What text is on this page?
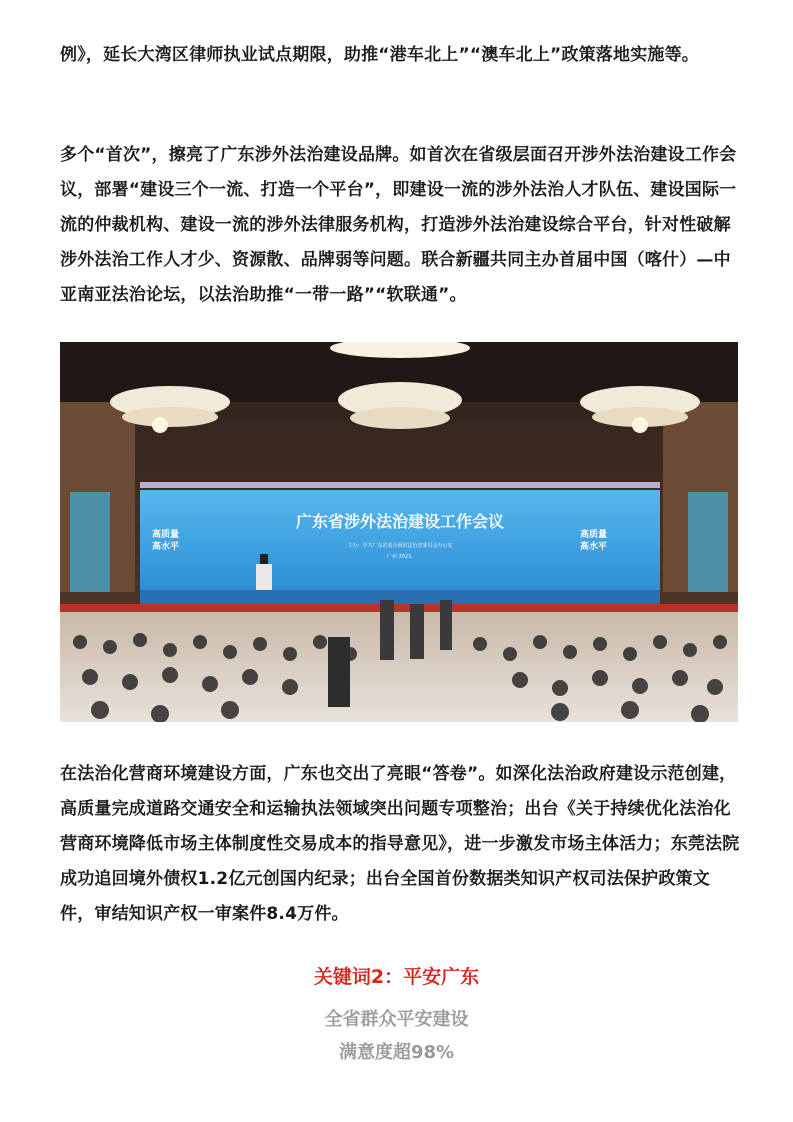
例》，延长大湾区律师执业试点期限，助推“港车北上”“澳车北上”政策落地实施等。

多个“首次”，擦亮了广东涉外法治建设品牌。如首次在省级层面召开涉外法治建设工作会议，部署“建设三个一流、打造一个平台”，即建设一流的涉外法治人才队伍、建设国际一流的仲裁机构、建设一流的涉外法律服务机构，打造涉外法治建设综合平台，针对性破解涉外法治工作人才少、资源散、品牌弱等问题。联合新疆共同主办首届中国（喀什）—中亚南亚法治论坛，以法治助推“一带一路”“软联通”。

广东省涉外法治建设工作会议
主办：中共广东省委全面依法治省委员会办公室
广州 2023.
高质量
高水平
高质量
高水平

在法治化营商环境建设方面，广东也交出了亮眼“答卷”。如深化法治政府建设示范创建，高质量完成道路交通安全和运输执法领域突出问题专项整治；出台《关于持续优化法治化营商环境降低市场主体制度性交易成本的指导意见》，进一步激发市场主体活力；东莞法院成功追回境外债权1.2亿元创国内纪录；出台全国首份数据类知识产权司法保护政策文件，审结知识产权一审案件8.4万件。

关键词2：平安广东

全省群众平安建设

满意度超98%
